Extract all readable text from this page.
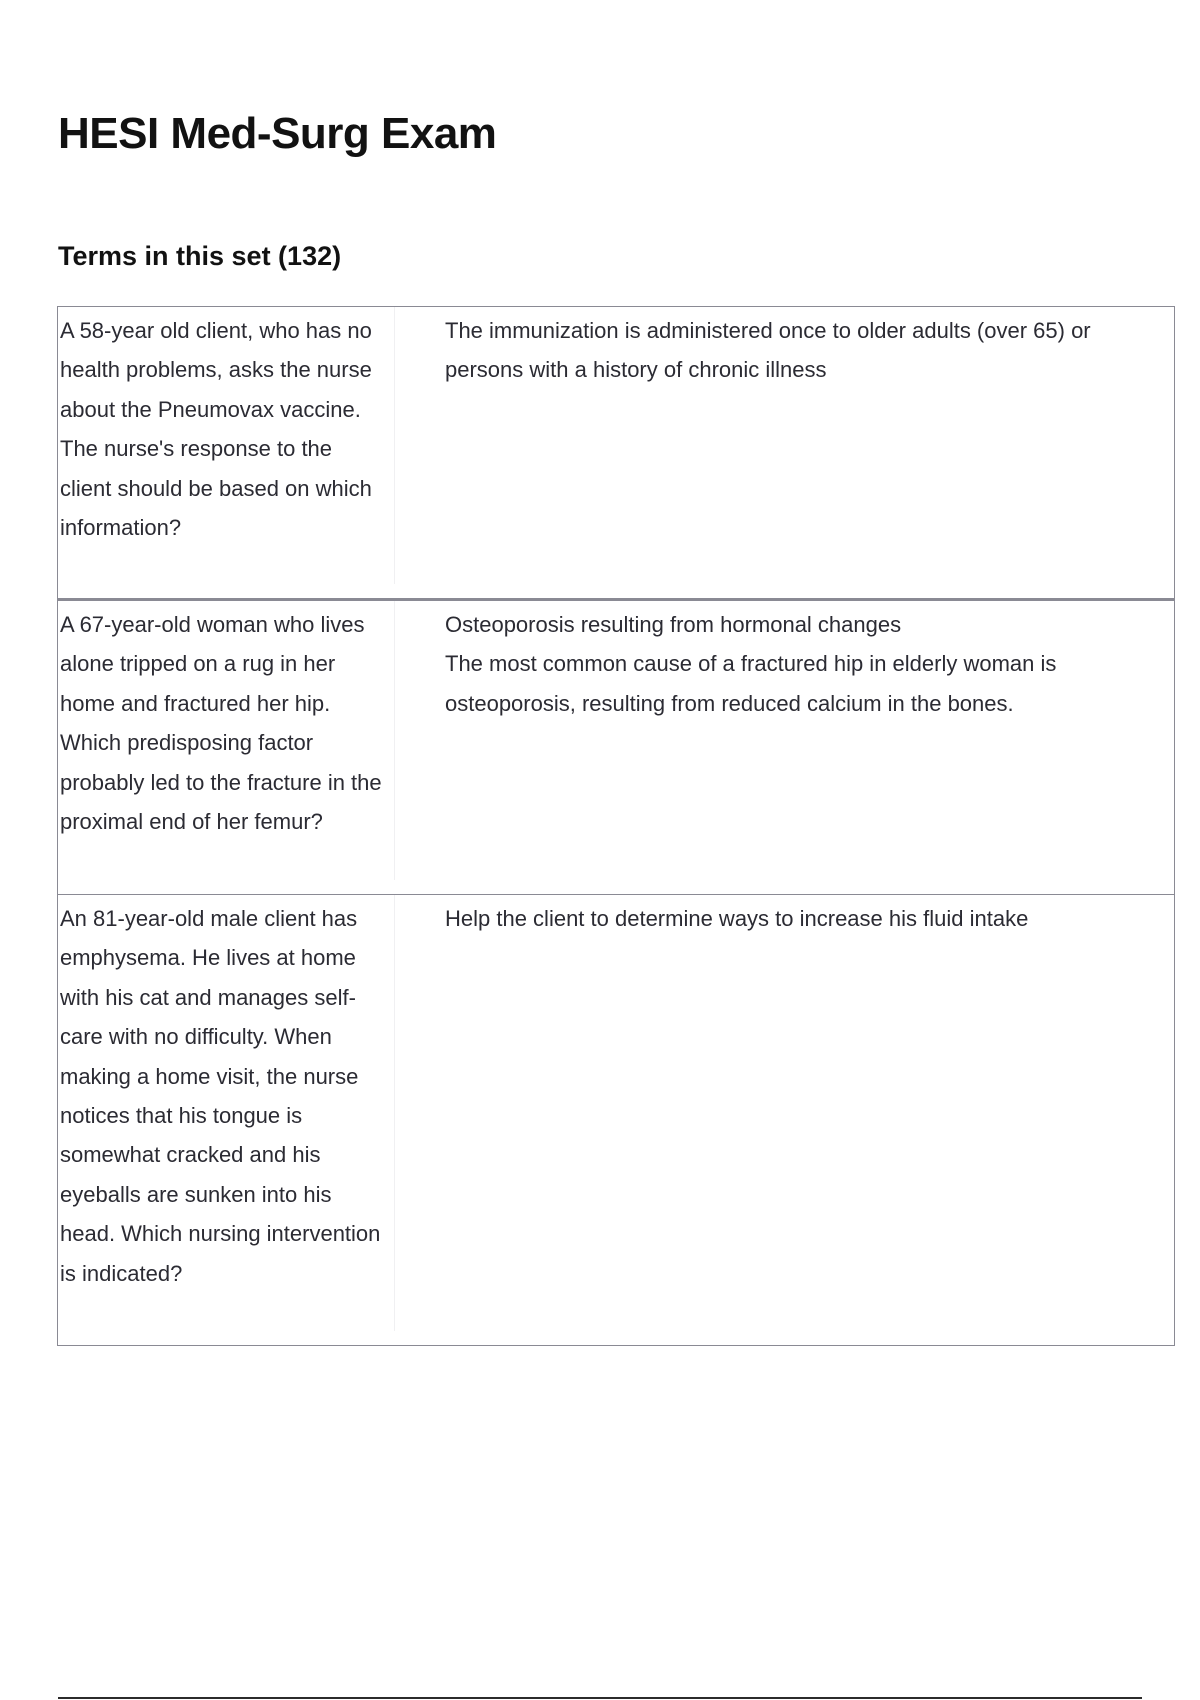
HESI Med-Surg Exam
Terms in this set (132)
A 58-year old client, who has no health problems, asks the nurse about the Pneumovax vaccine. The nurse's response to the client should be based on which information?
The immunization is administered once to older adults (over 65) or persons with a history of chronic illness
A 67-year-old woman who lives alone tripped on a rug in her home and fractured her hip. Which predisposing factor probably led to the fracture in the proximal end of her femur?
Osteoporosis resulting from hormonal changes
The most common cause of a fractured hip in elderly woman is osteoporosis, resulting from reduced calcium in the bones.
An 81-year-old male client has emphysema. He lives at home with his cat and manages self-care with no difficulty. When making a home visit, the nurse notices that his tongue is somewhat cracked and his eyeballs are sunken into his head. Which nursing intervention is indicated?
Help the client to determine ways to increase his fluid intake
